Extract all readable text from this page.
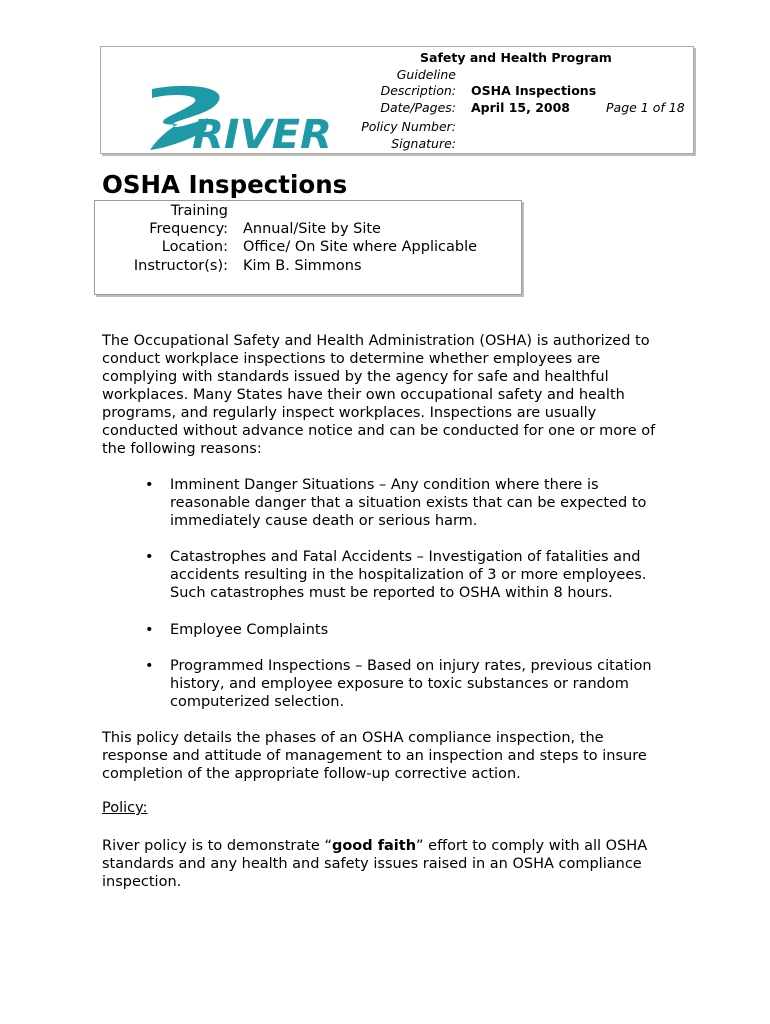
RIVER
Safety and Health Program
Guideline
Description: OSHA Inspections
Date/Pages: April 15, 2008	Page 1 of 18
Policy Number:
Signature:
OSHA Inspections
Training
Frequency: Annual/Site by Site
Location: Office/ On Site where Applicable
Instructor(s): Kim B. Simmons

The Occupational Safety and Health Administration (OSHA) is authorized to
conduct workplace inspections to determine whether employees are
complying with standards issued by the agency for safe and healthful
workplaces. Many States have their own occupational safety and health
programs, and regularly inspect workplaces. Inspections are usually
conducted without advance notice and can be conducted for one or more of
the following reasons:

• Imminent Danger Situations – Any condition where there is
reasonable danger that a situation exists that can be expected to
immediately cause death or serious harm.
• Catastrophes and Fatal Accidents – Investigation of fatalities and
accidents resulting in the hospitalization of 3 or more employees.
Such catastrophes must be reported to OSHA within 8 hours.
• Employee Complaints
• Programmed Inspections – Based on injury rates, previous citation
history, and employee exposure to toxic substances or random
computerized selection.

This policy details the phases of an OSHA compliance inspection, the
response and attitude of management to an inspection and steps to insure
completion of the appropriate follow-up corrective action.

Policy:

River policy is to demonstrate “good faith” effort to comply with all OSHA
standards and any health and safety issues raised in an OSHA compliance
inspection.
